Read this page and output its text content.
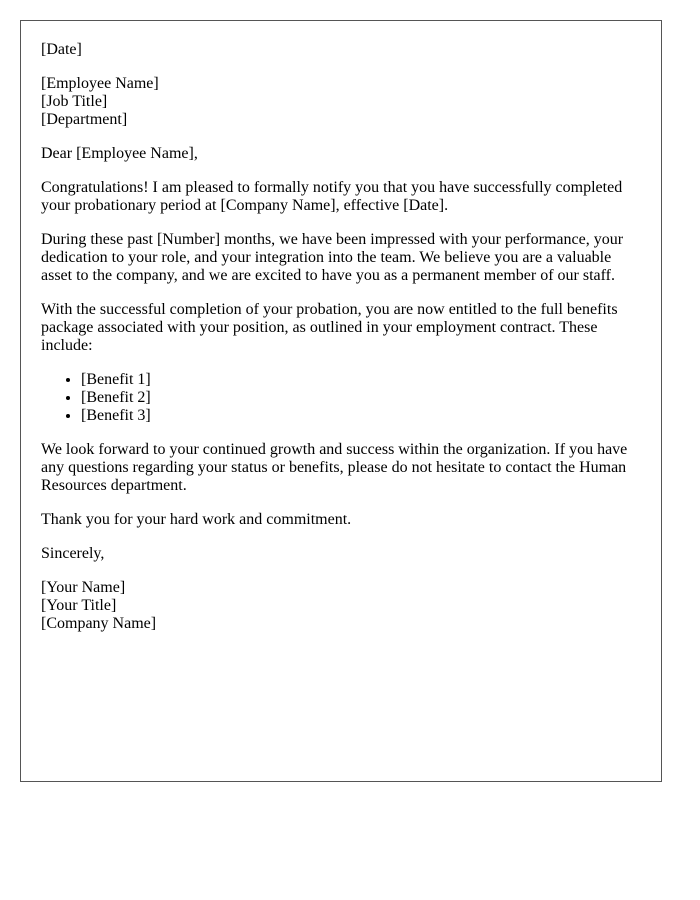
[Date]

[Employee Name]
[Job Title]
[Department]

Dear [Employee Name],

Congratulations! I am pleased to formally notify you that you have successfully completed your probationary period at [Company Name], effective [Date].

During these past [Number] months, we have been impressed with your performance, your dedication to your role, and your integration into the team. We believe you are a valuable asset to the company, and we are excited to have you as a permanent member of our staff.

With the successful completion of your probation, you are now entitled to the full benefits package associated with your position, as outlined in your employment contract. These include:

• [Benefit 1]
• [Benefit 2]
• [Benefit 3]

We look forward to your continued growth and success within the organization. If you have any questions regarding your status or benefits, please do not hesitate to contact the Human Resources department.

Thank you for your hard work and commitment.

Sincerely,

[Your Name]
[Your Title]
[Company Name]
